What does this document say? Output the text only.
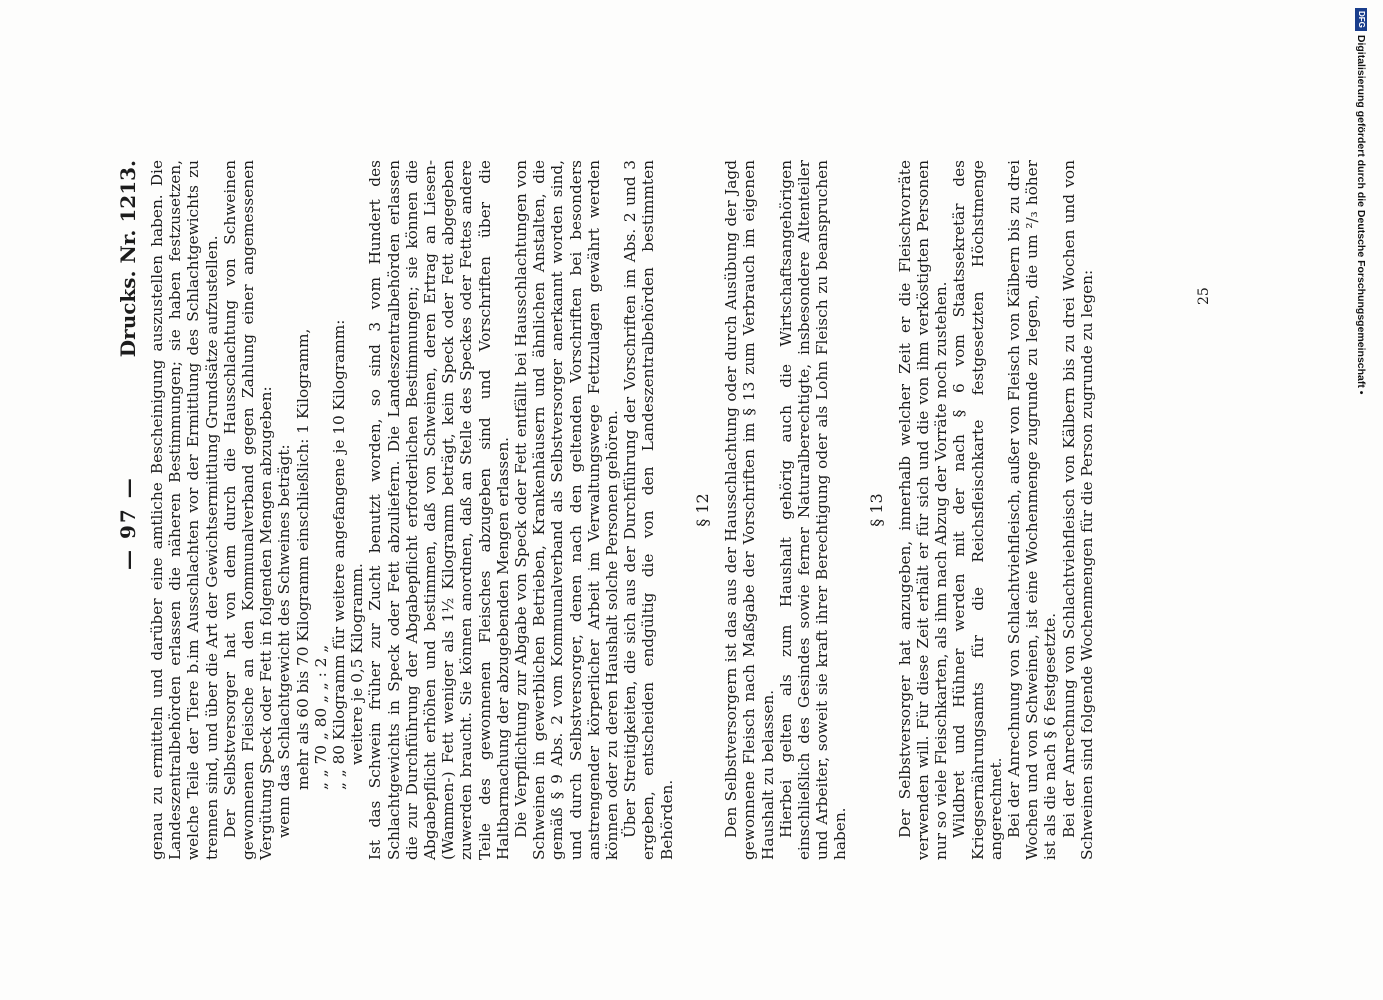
— 97 —
Drucks. Nr. 1213. genau zu ermitteln und darüber eine amtliche Bescheinigung auszustellen haben. Die Landeszentralbehörden erlassen die näheren Bestimmungen; sie haben festzusetzen, welche Teile der Tiere b.im Ausschlachten vor der Ermittlung des Schlachtgewichts zu trennen sind, und über die Art der Gewichtsermittlung Grundsätze aufzustellen. Der Selbstversorger hat von dem durch die Hausschlachtung von Schweinen gewonnenen Fleische an den Kommunalverband gegen Zahlung einer angemessenen Vergütung Speck oder Fett in folgenden Mengen abzugeben: wenn das Schlachtgewicht des Schweines beträgt: mehr als 60 bis 70 Kilogramm einschließlich: 1 Kilogramm, „ „ 70 „ 80 „ „ : 2 „ „ „ 80 Kilogramm für weitere angefangene je 10 Kilogramm: weitere je 0,5 Kilogramm. Ist das Schwein früher zur Zucht benutzt worden, so sind 3 vom Hundert des Schlachtgewichts in Speck oder Fett abzuliefern. Die Landeszentralbehörden erlassen die zur Durchführung der Abgabepflicht erforderlichen Bestimmungen; sie können die Abgabepflicht erhöhen und bestimmen, daß von Schweinen, deren Ertrag an Liesen- (Wammen-) Fett weniger als 1½ Kilogramm beträgt, kein Speck oder Fett abgegeben zuwerden braucht. Sie können anordnen, daß an Stelle des Speckes oder Fettes andere Teile des gewonnenen Fleisches abzugeben sind und Vorschriften über die Haltbarmachung der abzugebenden Mengen erlassen. Die Verpflichtung zur Abgabe von Speck oder Fett entfällt bei Hausschlachtungen von Schweinen in gewerblichen Betrieben, Krankenhäusern und ähnlichen Anstalten, die gemäß § 9 Abs. 2 vom Kommunalverband als Selbstversorger anerkannt worden sind, und durch Selbstversorger, denen nach den geltenden Vorschriften bei besonders anstrengender körperlicher Arbeit im Verwaltungswege Fettzulagen gewährt werden können oder zu deren Haushalt solche Personen gehören. Über Streitigkeiten, die sich aus der Durchführung der Vorschriften im Abs. 2 und 3 ergeben, entscheiden endgültig die von den Landeszentralbehörden bestimmten Behörden.

§ 12 Den Selbstversorgern ist das aus der Hausschlachtung oder durch Ausübung der Jagd gewonnene Fleisch nach Maßgabe der Vorschriften im § 13 zum Verbrauch im eigenen Haushalt zu belassen. Hierbei gelten als zum Haushalt gehörig auch die Wirtschaftsangehörigen einschließlich des Gesindes sowie ferner Naturalberechtigte, insbesondere Altenteiler und Arbeiter, soweit sie kraft ihrer Berechtigung oder als Lohn Fleisch zu beanspruchen haben.

§ 13 Der Selbstversorger hat anzugeben, innerhalb welcher Zeit er die Fleischvorräte verwenden will. Für diese Zeit erhält er für sich und die von ihm verköstigten Personen nur so viele Fleischkarten, als ihm nach Abzug der Vorräte noch zustehen. Wildbret und Hühner werden mit der nach § 6 vom Staatssekretär des Kriegsernährungsamts für die Reichsfleischkarte festgesetzten Höchstmenge angerechnet. Bei der Anrechnung von Schlachtviehfleisch, außer von Fleisch von Kälbern bis zu drei Wochen und von Schweinen, ist eine Wochenmenge zugrunde zu legen, die um ²/₃ höher ist als die nach § 6 festgesetzte. Bei der Anrechnung von Schlachtviehfleisch von Kälbern bis zu drei Wochen und von Schweinen sind folgende Wochenmengen für die Person zugrunde zu legen:	25
DFG
Digitalisierung gefördert durch die Deutsche Forschungsgemeinschaft •
